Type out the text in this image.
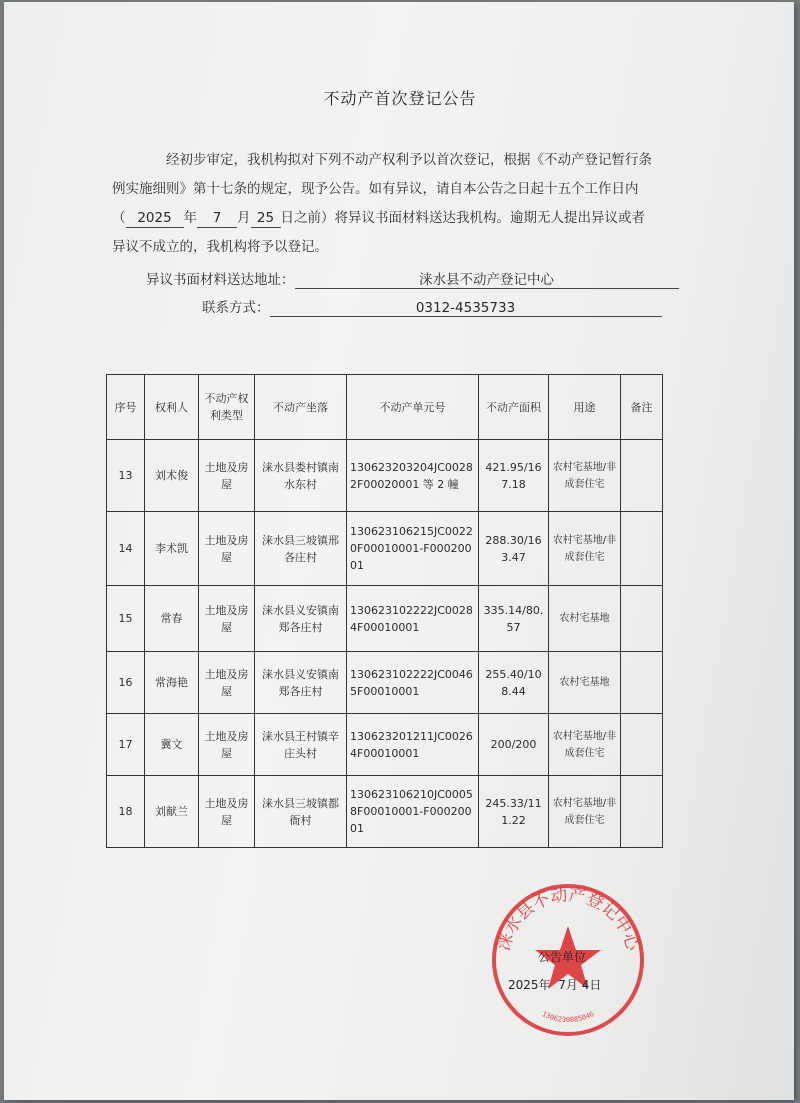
不动产首次登记公告
经初步审定，我机构拟对下列不动产权利予以首次登记，根据《不动产登记暂行条
例实施细则》第十七条的规定，现予公告。如有异议，请自本公告之日起十五个工作日内
（ 2025 年 7 月 25 日之前）将异议书面材料送达我机构。逾期无人提出异议或者
异议不成立的，我机构将予以登记。
异议书面材料送达地址：	涞水县不动产登记中心
联系方式：	0312-4535733
序号	权利人	不动产权利类型	不动产坐落	不动产单元号	不动产面积	用途	备注
13	刘术俊	土地及房屋	涞水县娄村镇南水东村	130623203204JC00282F00020001 等 2 幢	421.95/167.18	农村宅基地/非成套住宅	
14	李术凯	土地及房屋	涞水县三坡镇邢各庄村	130623106215JC00220F00010001-F00020001	288.30/163.47	农村宅基地/非成套住宅	
15	常春	土地及房屋	涞水县义安镇南郑各庄村	130623102222JC00284F00010001	335.14/80.57	农村宅基地	
16	常海艳	土地及房屋	涞水县义安镇南郑各庄村	130623102222JC00465F00010001	255.40/108.44	农村宅基地	
17	冀文	土地及房屋	涞水县王村镇辛庄头村	130623201211JC00264F00010001	200/200	农村宅基地/非成套住宅	
18	刘献兰	土地及房屋	涞水县三坡镇都衙村	130623106210JC00058F00010001-F00020001	245.33/111.22	农村宅基地/非成套住宅	
涞水县不动产登记中心
1306230085046
公告单位
2025年 7月 4日
